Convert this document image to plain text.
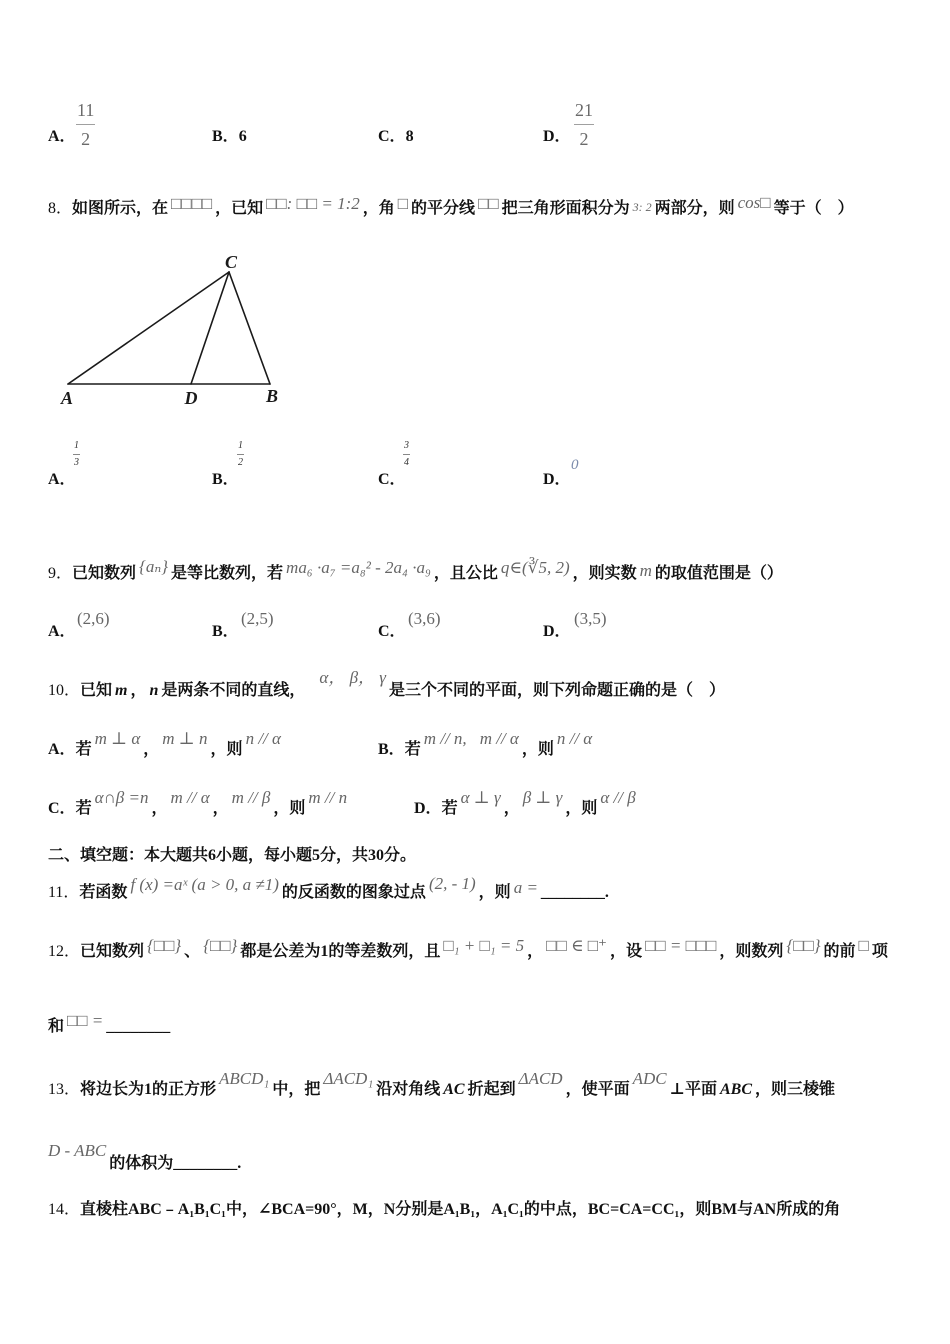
A．
11
2	B． 6	C． 8	D．
21
2
8． 如图所示，在 □□□□ ，已知 □□: □□ = 1:2 ，角 □ 的平分线 □□ 把三角形面积分为 3: 2 两部分，则 cos□ 等于（　）
C
A	D	B
A．
1
3
B．
1
2
C．
3
4
D．
0
9． 已知数列 {aₙ} 是等比数列，若 ma₆ ·a₇ =a₈² - 2a₄ ·a₉ ，且公比 q∈(∛5, 2) ，则实数 m 的取值范围是（）
A．
(2,6)
B．
(2,5)
C．
(3,6)
D．
(3,5)
10． 已知 m ， n 是两条不同的直线， α， β， γ 是三个不同的平面，则下列命题正确的是（　）
A． 若 m ⊥ α ， m ⊥ n ，则 n // α
B． 若 m // n, m // α ，则 n // α
C． 若 α∩β =n ， m // α ， m // β ，则 m // n
D． 若 α ⊥ γ ， β ⊥ γ ，则 α // β
二、填空题：本大题共6小题，每小题5分，共30分。
11． 若函数 f (x) =aˣ (a > 0, a ≠1) 的反函数的图象过点 (2, - 1) ，则 a = ________ .
12． 已知数列 {□□} 、 {□□} 都是公差为1的等差数列，且 □₁ + □₁ = 5 ， □□ ∈ □⁺ ，设 □□ = □□□ ，则数列 {□□} 的前 □ 项
和 □□ = ________
13． 将边长为1的正方形 ABCD₁ 中，把 ΔACD₁ 沿对角线 AC 折起到 ΔACD ，使平面 ADC ⊥平面 ABC ，则三棱锥
D - ABC 的体积为 ________ .
14． 直棱柱ABC﹣A₁B₁C₁中，∠BCA=90°，M，N分别是A₁B₁，A₁C₁的中点，BC=CA=CC₁，则BM与AN所成的角
